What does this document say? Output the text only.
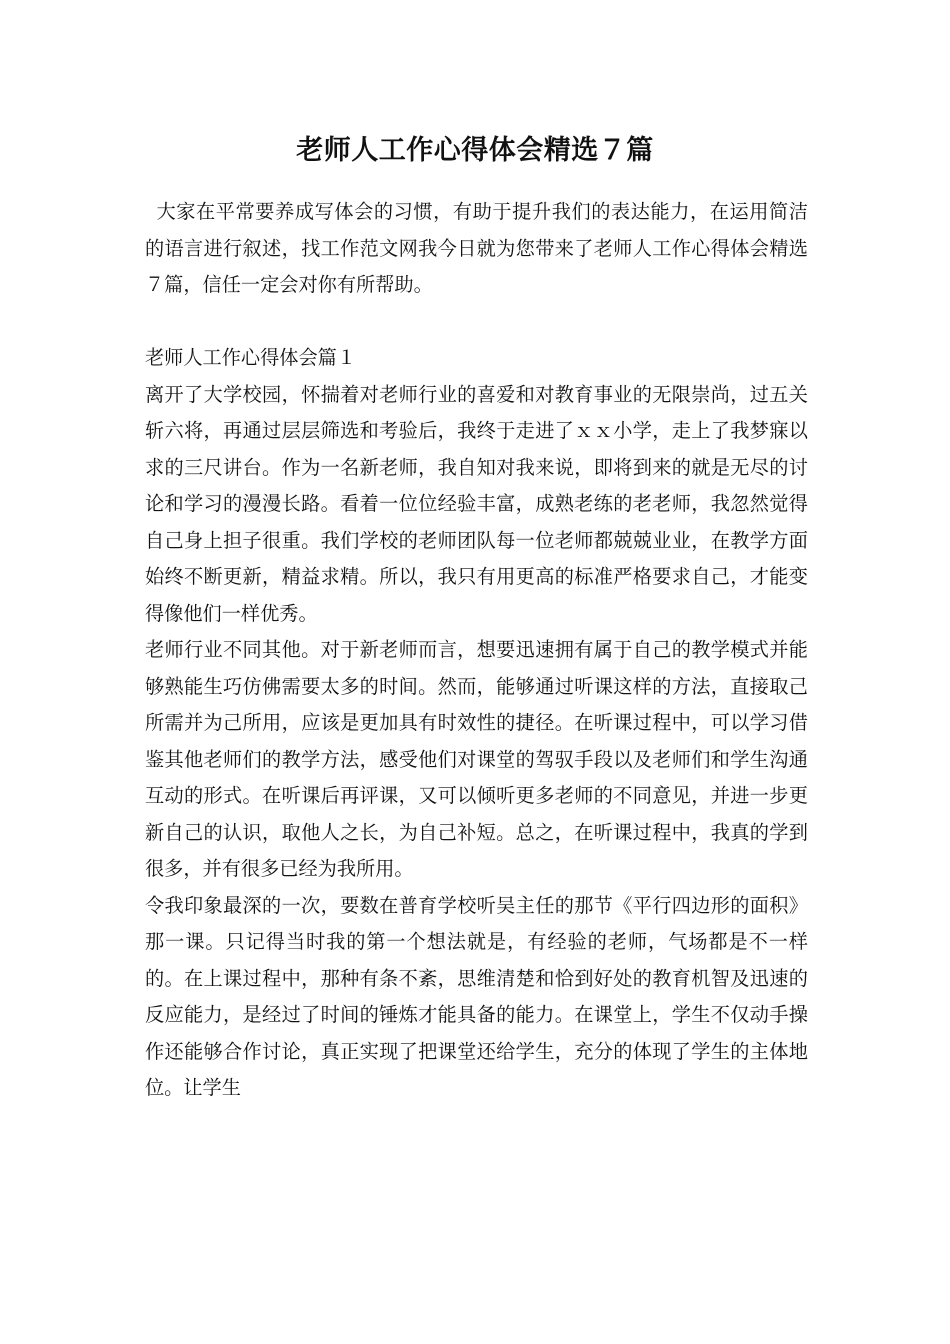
老师人工作心得体会精选７篇

大家在平常要养成写体会的习惯，有助于提升我们的表达能力，在运用简洁的语言进行叙述，找工作范文网我今日就为您带来了老师人工作心得体会精选７篇，信任一定会对你有所帮助。

老师人工作心得体会篇１

离开了大学校园，怀揣着对老师行业的喜爱和对教育事业的无限崇尚，过五关斩六将，再通过层层筛选和考验后，我终于走进了ｘｘ小学，走上了我梦寐以求的三尺讲台。作为一名新老师，我自知对我来说，即将到来的就是无尽的讨论和学习的漫漫长路。看着一位位经验丰富，成熟老练的老老师，我忽然觉得自己身上担子很重。我们学校的老师团队每一位老师都兢兢业业，在教学方面始终不断更新，精益求精。所以，我只有用更高的标准严格要求自己，才能变得像他们一样优秀。

老师行业不同其他。对于新老师而言，想要迅速拥有属于自己的教学模式并能够熟能生巧仿佛需要太多的时间。然而，能够通过听课这样的方法，直接取己所需并为己所用，应该是更加具有时效性的捷径。在听课过程中，可以学习借鉴其他老师们的教学方法，感受他们对课堂的驾驭手段以及老师们和学生沟通互动的形式。在听课后再评课，又可以倾听更多老师的不同意见，并进一步更新自己的认识，取他人之长，为自己补短。总之，在听课过程中，我真的学到很多，并有很多已经为我所用。

令我印象最深的一次，要数在普育学校听吴主任的那节《平行四边形的面积》那一课。只记得当时我的第一个想法就是，有经验的老师，气场都是不一样的。在上课过程中，那种有条不紊，思维清楚和恰到好处的教育机智及迅速的反应能力，是经过了时间的锤炼才能具备的能力。在课堂上，学生不仅动手操作还能够合作讨论，真正实现了把课堂还给学生，充分的体现了学生的主体地位。让学生
